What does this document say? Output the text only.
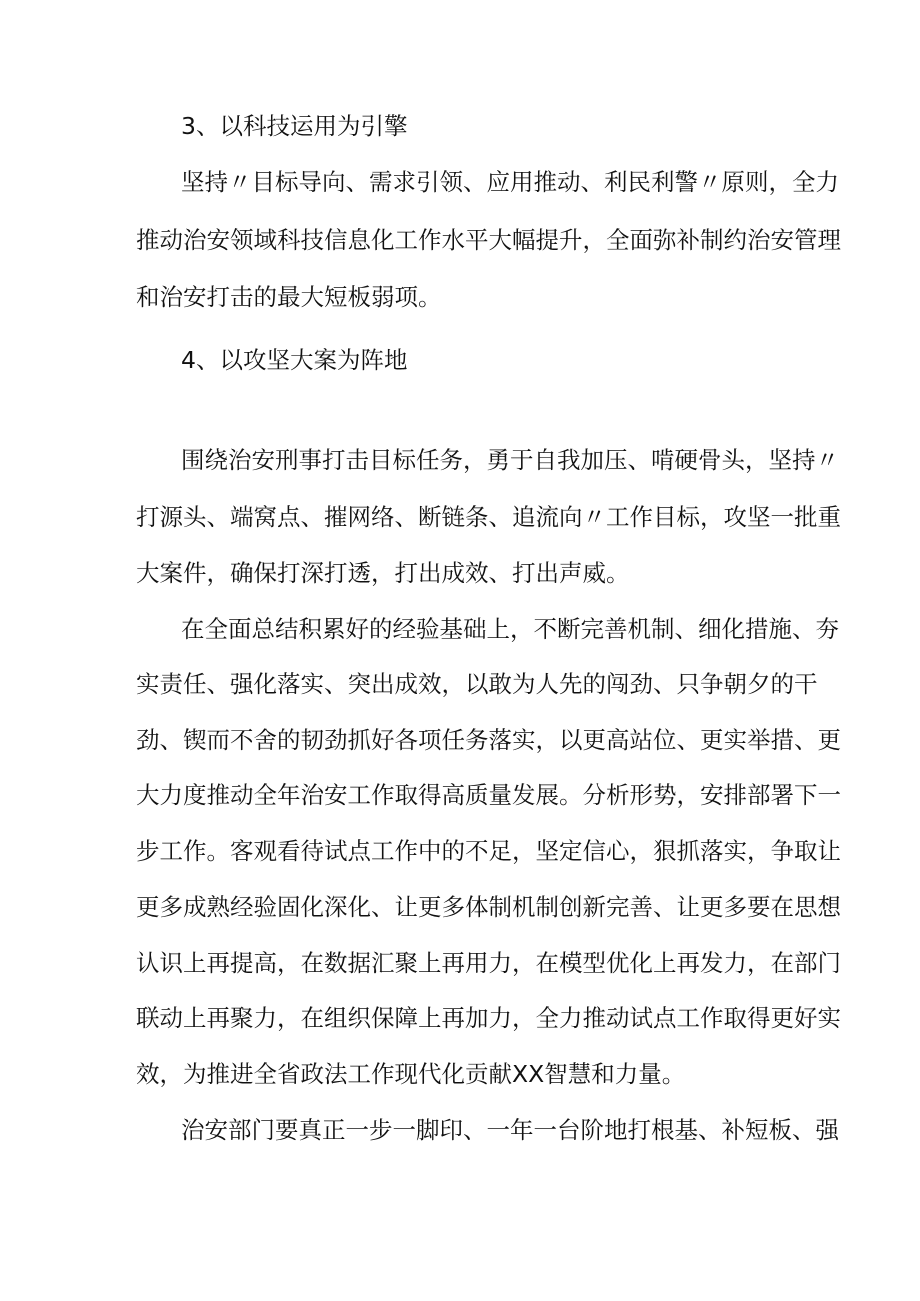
3、以科技运用为引擎
坚持〃目标导向、需求引领、应用推动、利民利警〃原则，全力
推动治安领域科技信息化工作水平大幅提升，全面弥补制约治安管理
和治安打击的最大短板弱项。
4、以攻坚大案为阵地
围绕治安刑事打击目标任务，勇于自我加压、啃硬骨头，坚持〃
打源头、端窝点、摧网络、断链条、追流向〃工作目标，攻坚一批重
大案件，确保打深打透，打出成效、打出声威。
在全面总结积累好的经验基础上，不断完善机制、细化措施、夯
实责任、强化落实、突出成效，以敢为人先的闯劲、只争朝夕的干
劲、锲而不舍的韧劲抓好各项任务落实，以更高站位、更实举措、更
大力度推动全年治安工作取得高质量发展。分析形势，安排部署下一
步工作。客观看待试点工作中的不足，坚定信心，狠抓落实，争取让
更多成熟经验固化深化、让更多体制机制创新完善、让更多要在思想
认识上再提高，在数据汇聚上再用力，在模型优化上再发力，在部门
联动上再聚力，在组织保障上再加力，全力推动试点工作取得更好实
效，为推进全省政法工作现代化贡献XX智慧和力量。
治安部门要真正一步一脚印、一年一台阶地打根基、补短板、强
